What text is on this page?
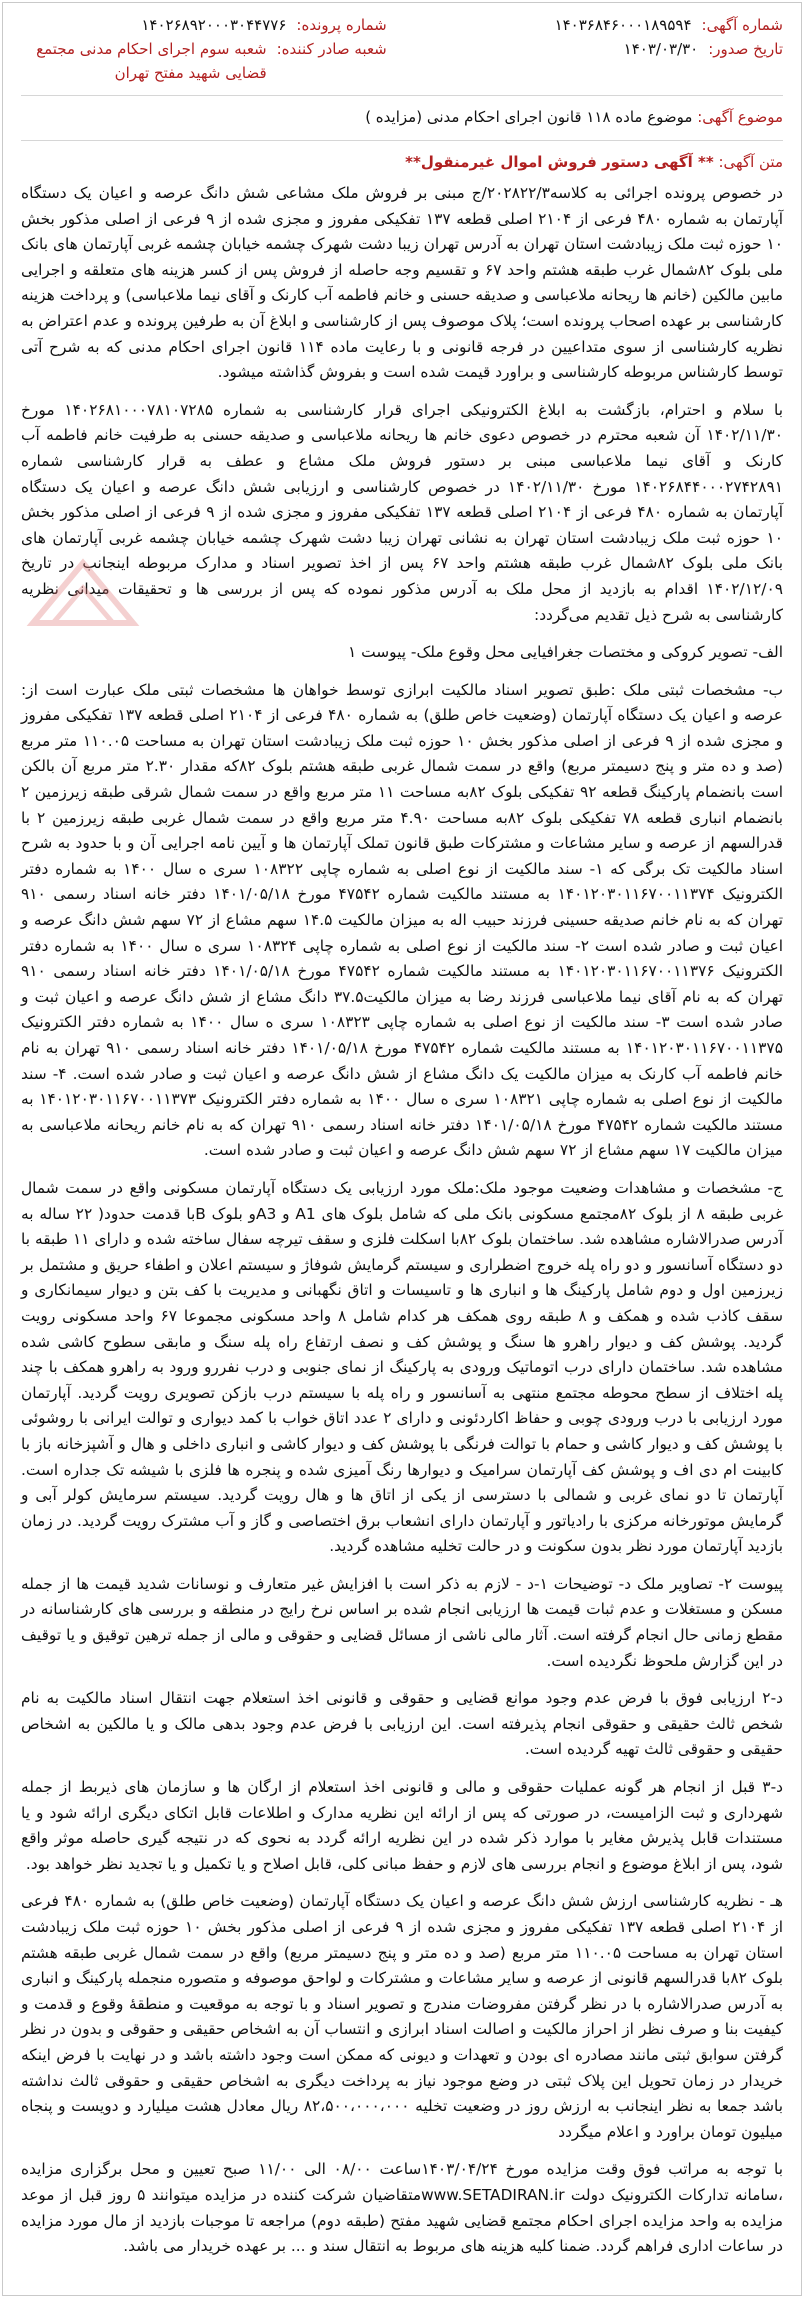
شماره آگهی:
۱۴۰۳۶۸۴۶۰۰۰۱۸۹۵۹۴
تاریخ صدور:
۱۴۰۳/۰۳/۳۰
شماره پرونده:
۱۴۰۲۶۸۹۲۰۰۰۳۰۴۴۷۷۶
شعبه صادر کننده:
شعبه سوم اجرای احکام مدنی مجتمع قضایی شهید مفتح تهران
موضوع آگهی: موضوع ماده ۱۱۸ قانون اجرای احکام مدنی (مزایده )
متن آگهی: ** آگهی دستور فروش اموال غیرمنقول**

در خصوص پرونده اجرائی به کلاسه۲۰۲۸۲۲/۳/ج مبنی بر فروش ملک مشاعی شش دانگ عرصه و اعیان یک دستگاه آپارتمان به شماره ۴۸۰ فرعی از ۲۱۰۴ اصلی قطعه ۱۳۷ تفکیکی مفروز و مجزی شده از ۹ فرعی از اصلی مذکور بخش ۱۰ حوزه ثبت ملک زیبادشت استان تهران به آدرس تهران زیبا دشت شهرک چشمه خیابان چشمه غربی آپارتمان های بانک ملی بلوک ۸۲شمال غرب طبقه هشتم واحد ۶۷ و تقسیم وجه حاصله از فروش پس از کسر هزینه های متعلقه و اجرایی مابین مالکین (خانم ها ریحانه ملاعباسی و صدیقه حسنی و خانم فاطمه آب کارنک و آقای نیما ملاعباسی) و پرداخت هزینه کارشناسی بر عهده اصحاب پرونده است؛ پلاک موصوف پس از کارشناسی و ابلاغ آن به طرفین پرونده و عدم اعتراض به نظریه کارشناسی از سوی متداعیین در فرجه قانونی و با رعایت ماده ۱۱۴ قانون اجرای احکام مدنی که به شرح آتی توسط کارشناس مربوطه کارشناسی و براورد قیمت شده است و بفروش گذاشته میشود.

با سلام و احترام، بازگشت به ابلاغ الکترونیکی اجرای قرار کارشناسی به شماره ۱۴۰۲۶۸۱۰۰۰۷۸۱۰۷۲۸۵ مورخ ۱۴۰۲/۱۱/۳۰ آن شعبه محترم در خصوص دعوی خانم ها ریحانه ملاعباسی و صدیقه حسنی به طرفیت خانم فاطمه آب کارنک و آقای نیما ملاعباسی مبنی بر دستور فروش ملک مشاع و عطف به قرار کارشناسی شماره ۱۴۰۲۶۸۴۴۰۰۰۲۷۴۲۸۹۱ مورخ ۱۴۰۲/۱۱/۳۰ در خصوص کارشناسی و ارزیابی شش دانگ عرصه و اعیان یک دستگاه آپارتمان به شماره ۴۸۰ فرعی از ۲۱۰۴ اصلی قطعه ۱۳۷ تفکیکی مفروز و مجزی شده از ۹ فرعی از اصلی مذکور بخش ۱۰ حوزه ثبت ملک زیبادشت استان تهران به نشانی تهران زیبا دشت شهرک چشمه خیابان چشمه غربی آپارتمان های بانک ملی بلوک ۸۲شمال غرب طبقه هشتم واحد ۶۷ پس از اخذ تصویر اسناد و مدارک مربوطه اینجانب در تاریخ ۱۴۰۲/۱۲/۰۹ اقدام به بازدید از محل ملک به آدرس مذکور نموده که پس از بررسی ها و تحقیقات میدانی نظریه کارشناسی به شرح ذیل تقدیم می‌گردد:

الف- تصویر کروکی و مختصات جغرافیایی محل وقوع ملک- پیوست ۱

ب- مشخصات ثبتی ملک :طبق تصویر اسناد مالکیت ابرازی توسط خواهان ها مشخصات ثبتی ملک عبارت است از: عرصه و اعیان یک دستگاه آپارتمان (وضعیت خاص طلق) به شماره ۴۸۰ فرعی از ۲۱۰۴ اصلی قطعه ۱۳۷ تفکیکی مفروز و مجزی شده از ۹ فرعی از اصلی مذکور بخش ۱۰ حوزه ثبت ملک زیبادشت استان تهران به مساحت ۱۱۰.۰۵ متر مربع (صد و ده متر و پنج دسیمتر مربع) واقع در سمت شمال غربی طبقه هشتم بلوک ۸۲که مقدار ۲.۳۰ متر مربع آن بالکن است بانضمام پارکینگ قطعه ۹۲ تفکیکی بلوک ۸۲به مساحت ۱۱ متر مربع واقع در سمت شمال شرقی طبقه زیرزمین ۲ بانضمام انباری قطعه ۷۸ تفکیکی بلوک ۸۲به مساحت ۴.۹۰ متر مربع واقع در سمت شمال غربی طبقه زیرزمین ۲ با قدرالسهم از عرصه و سایر مشاعات و مشترکات طبق قانون تملک آپارتمان ها و آیین نامه اجرایی آن و با حدود به شرح اسناد مالکیت تک برگی که ۱- سند مالکیت از نوع اصلی به شماره چاپی ۱۰۸۳۲۲ سری ه سال ۱۴۰۰ به شماره دفتر الکترونیک ۱۴۰۱۲۰۳۰۱۱۶۷۰۰۱۱۳۷۴ به مستند مالکیت شماره ۴۷۵۴۲ مورخ ۱۴۰۱/۰۵/۱۸ دفتر خانه اسناد رسمی ۹۱۰ تهران که به نام خانم صدیقه حسینی فرزند حبیب اله به میزان مالکیت ۱۴.۵ سهم مشاع از ۷۲ سهم شش دانگ عرصه و اعیان ثبت و صادر شده است ۲- سند مالکیت از نوع اصلی به شماره چاپی ۱۰۸۳۲۴ سری ه سال ۱۴۰۰ به شماره دفتر الکترونیک ۱۴۰۱۲۰۳۰۱۱۶۷۰۰۱۱۳۷۶ به مستند مالکیت شماره ۴۷۵۴۲ مورخ ۱۴۰۱/۰۵/۱۸ دفتر خانه اسناد رسمی ۹۱۰ تهران که به نام آقای نیما ملاعباسی فرزند رضا به میزان مالکیت۳۷.۵ دانگ مشاع از شش دانگ عرصه و اعیان ثبت و صادر شده است ۳- سند مالکیت از نوع اصلی به شماره چاپی ۱۰۸۳۲۳ سری ه سال ۱۴۰۰ به شماره دفتر الکترونیک ۱۴۰۱۲۰۳۰۱۱۶۷۰۰۱۱۳۷۵ به مستند مالکیت شماره ۴۷۵۴۲ مورخ ۱۴۰۱/۰۵/۱۸ دفتر خانه اسناد رسمی ۹۱۰ تهران به نام خانم فاطمه آب کارنک به میزان مالکیت یک دانگ مشاع از شش دانگ عرصه و اعیان ثبت و صادر شده است. ۴- سند مالکیت از نوع اصلی به شماره چاپی ۱۰۸۳۲۱ سری ه سال ۱۴۰۰ به شماره دفتر الکترونیک ۱۴۰۱۲۰۳۰۱۱۶۷۰۰۱۱۳۷۳ به مستند مالکیت شماره ۴۷۵۴۲ مورخ ۱۴۰۱/۰۵/۱۸ دفتر خانه اسناد رسمی ۹۱۰ تهران که به نام خانم ریحانه ملاعباسی به میزان مالکیت ۱۷ سهم مشاع از ۷۲ سهم شش دانگ عرصه و اعیان ثبت و صادر شده است.

ج- مشخصات و مشاهدات وضعیت موجود ملک:ملک مورد ارزیابی یک دستگاه آپارتمان مسکونی واقع در سمت شمال غربی طبقه ۸ از بلوک ۸۲مجتمع مسکونی بانک ملی که شامل بلوک های A1 و A3و بلوک Bبا قدمت حدود( ۲۲ ساله به آدرس صدرالاشاره مشاهده شد. ساختمان بلوک ۸۲با اسکلت فلزی و سقف تیرچه سفال ساخته شده و دارای ۱۱ طبقه با دو دستگاه آسانسور و دو راه پله خروج اضطراری و سیستم گرمایش شوفاژ و سیستم اعلان و اطفاء حریق و مشتمل بر زیرزمین اول و دوم شامل پارکینگ ها و انباری ها و تاسیسات و اتاق نگهبانی و مدیریت با کف بتن و دیوار سیمانکاری و سقف کاذب شده و همکف و ۸ طبقه روی همکف هر کدام شامل ۸ واحد مسکونی مجموعا ۶۷ واحد مسکونی رویت گردید. پوشش کف و دیوار راهرو ها سنگ و پوشش کف و نصف ارتفاع راه پله سنگ و مابقی سطوح کاشی شده مشاهده شد. ساختمان دارای درب اتوماتیک ورودی به پارکینگ از نمای جنوبی و درب نفررو ورود به راهرو همکف با چند پله اختلاف از سطح محوطه مجتمع منتهی به آسانسور و راه پله با سیستم درب بازکن تصویری رویت گردید. آپارتمان مورد ارزیابی با درب ورودی چوبی و حفاظ اکاردئونی و دارای ۲ عدد اتاق خواب با کمد دیواری و توالت ایرانی با روشوئی با پوشش کف و دیوار کاشی و حمام با توالت فرنگی با پوشش کف و دیوار کاشی و انباری داخلی و هال و آشپزخانه باز با کابینت ام دی اف و پوشش کف آپارتمان سرامیک و دیوارها رنگ آمیزی شده و پنجره ها فلزی با شیشه تک جداره است. آپارتمان تا دو نمای غربی و شمالی با دسترسی از یکی از اتاق ها و هال رویت گردید. سیستم سرمایش کولر آبی و گرمایش موتورخانه مرکزی با رادیاتور و آپارتمان دارای انشعاب برق اختصاصی و گاز و آب مشترک رویت گردید. در زمان بازدید آپارتمان مورد نظر بدون سکونت و در حالت تخلیه مشاهده گردید.

پیوست ۲- تصاویر ملک د- توضیحات ۱-د - لازم به ذکر است با افزایش غیر متعارف و نوسانات شدید قیمت ها از جمله مسکن و مستغلات و عدم ثبات قیمت ها ارزیابی انجام شده بر اساس نرخ رایج در منطقه و بررسی های کارشناسانه در مقطع زمانی حال انجام گرفته است. آثار مالی ناشی از مسائل قضایی و حقوقی و مالی از جمله ترهین توقیق و یا توقیف در این گزارش ملحوظ نگردیده است.

د-۲ ارزیابی فوق با فرض عدم وجود موانع قضایی و حقوقی و قانونی اخذ استعلام جهت انتقال اسناد مالکیت به نام شخص ثالث حقیقی و حقوقی انجام پذیرفته است. این ارزیابی با فرض عدم وجود بدهی مالک و یا مالکین به اشخاص حقیقی و حقوقی ثالث تهیه گردیده است.

د-۳ قبل از انجام هر گونه عملیات حقوقی و مالی و قانونی اخذ استعلام از ارگان ها و سازمان های ذیربط از جمله شهرداری و ثبت الزامیست، در صورتی که پس از ارائه این نظریه مدارک و اطلاعات قابل اتکای دیگری ارائه شود و یا مستندات قابل پذیرش مغایر با موارد ذکر شده در این نظریه ارائه گردد به نحوی که در نتیجه گیری حاصله موثر واقع شود، پس از ابلاغ موضوع و انجام بررسی های لازم و حفظ مبانی کلی، قابل اصلاح و یا تکمیل و یا تجدید نظر خواهد بود.

هـ - نظریه کارشناسی ارزش شش دانگ عرصه و اعیان یک دستگاه آپارتمان (وضعیت خاص طلق) به شماره ۴۸۰ فرعی از ۲۱۰۴ اصلی قطعه ۱۳۷ تفکیکی مفروز و مجزی شده از ۹ فرعی از اصلی مذکور بخش ۱۰ حوزه ثبت ملک زیبادشت استان تهران به مساحت ۱۱۰.۰۵ متر مربع (صد و ده متر و پنج دسیمتر مربع) واقع در سمت شمال غربی طبقه هشتم بلوک ۸۲با قدرالسهم قانونی از عرصه و سایر مشاعات و مشترکات و لواحق موصوفه و متصوره منجمله پارکینگ و انباری به آدرس صدرالاشاره با در نظر گرفتن مفروضات مندرج و تصویر اسناد و با توجه به موقعیت و منطقهٔ وقوع و قدمت و کیفیت بنا و صرف نظر از احراز مالکیت و اصالت اسناد ابرازی و انتساب آن به اشخاص حقیقی و حقوقی و بدون در نظر گرفتن سوابق ثبتی مانند مصادره ای بودن و تعهدات و دیونی که ممکن است وجود داشته باشد و در نهایت با فرض اینکه خریدار در زمان تحویل این پلاک ثبتی در وضع موجود نیاز به پرداخت دیگری به اشخاص حقیقی و حقوقی ثالث نداشته باشد جمعا به نظر اینجانب به ارزش روز در وضعیت تخلیه ۸۲،۵۰۰،۰۰۰،۰۰۰ ریال معادل هشت میلیارد و دویست و پنجاه میلیون تومان براورد و اعلام میگردد

با توجه به مراتب فوق وقت مزایده مورخ ۱۴۰۳/۰۴/۲۴ساعت ۰۸/۰۰ الی ۱۱/۰۰ صبح تعیین و محل برگزاری مزایده ،سامانه تدارکات الکترونیک دولت www.SETADIRAN.irمتقاضیان شرکت کننده در مزایده میتوانند ۵ روز قبل از موعد مزایده به واحد مزایده اجرای احکام مجتمع قضایی شهید مفتح (طبقه دوم) مراجعه تا موجبات بازدید از مال مورد مزایده در ساعات اداری فراهم گردد. ضمنا کلیه هزینه های مربوط به انتقال سند و ... بر عهده خریدار می باشد.
